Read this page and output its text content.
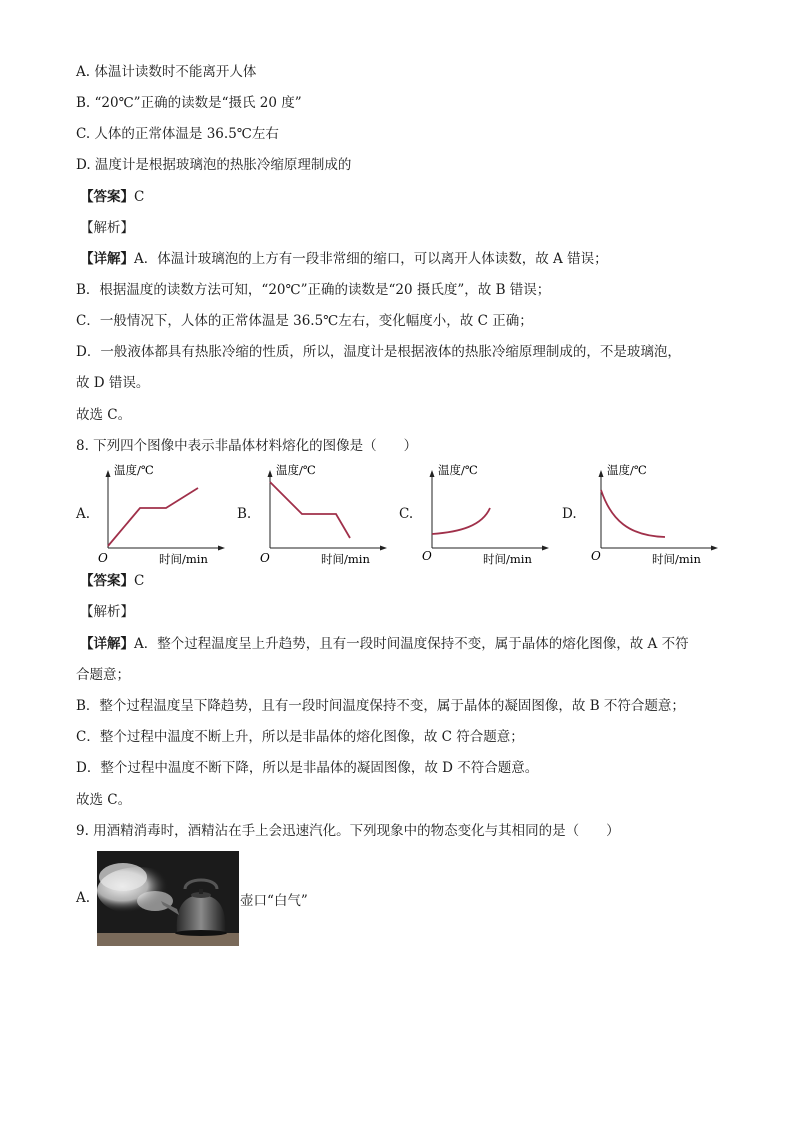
A. 体温计读数时不能离开人体
B. “20℃”正确的读数是“摄氏 20 度”
C. 人体的正常体温是 36.5℃左右
D. 温度计是根据玻璃泡的热胀冷缩原理制成的
【答案】C
【解析】
【详解】A．体温计玻璃泡的上方有一段非常细的缩口，可以离开人体读数，故 A 错误；
B．根据温度的读数方法可知，“20℃”正确的读数是“20 摄氏度”，故 B 错误；
C．一般情况下，人体的正常体温是 36.5℃左右，变化幅度小，故 C 正确；
D．一般液体都具有热胀冷缩的性质，所以，温度计是根据液体的热胀冷缩原理制成的，不是玻璃泡，
故 D 错误。
故选 C。
8. 下列四个图像中表示非晶体材料熔化的图像是（　　）
A.
温度/℃
O	时间/min
B.
温度/℃
O	时间/min
C.
温度/℃
O	时间/min
D.
温度/℃
O	时间/min
【答案】C
【解析】
【详解】A．整个过程温度呈上升趋势，且有一段时间温度保持不变，属于晶体的熔化图像，故 A 不符
合题意；
B．整个过程温度呈下降趋势，且有一段时间温度保持不变，属于晶体的凝固图像，故 B 不符合题意；
C．整个过程中温度不断上升，所以是非晶体的熔化图像，故 C 符合题意；
D．整个过程中温度不断下降，所以是非晶体的凝固图像，故 D 不符合题意。
故选 C。
9. 用酒精消毒时，酒精沾在手上会迅速汽化。下列现象中的物态变化与其相同的是（　　）
A.	壶口“白气”
